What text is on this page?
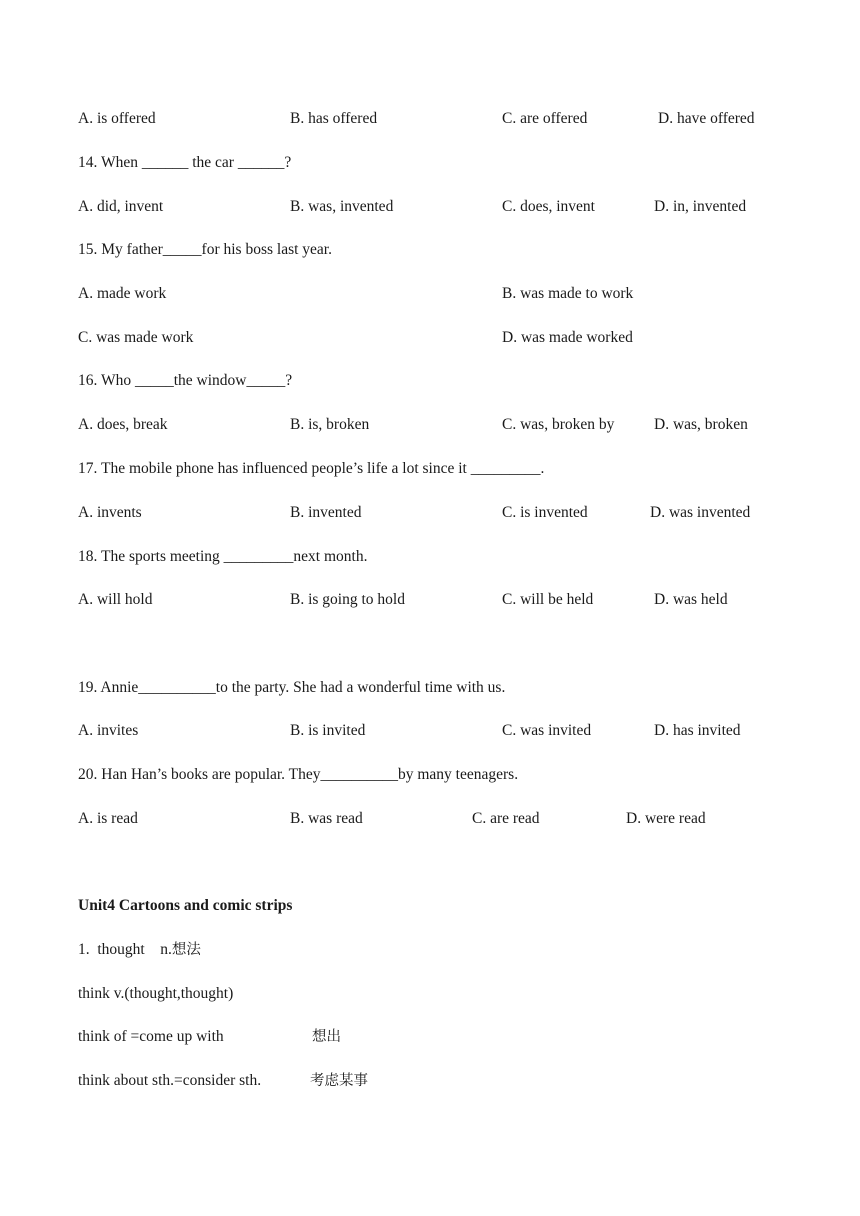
A. is offered	B. has offered	C. are offered	D. have offered
14. When ______ the car ______?
A. did, invent	B. was, invented	C. does, invent	D. in, invented
15. My father_____for his boss last year.
A. made work	B. was made to work
C. was made work	D. was made worked
16. Who _____the window_____?
A. does, break	B. is, broken	C. was, broken by	D. was, broken
17. The mobile phone has influenced people’s life a lot since it _________.
A. invents	B. invented	C. is invented	D. was invented
18. The sports meeting _________next month.
A. will hold	B. is going to hold	C. will be held	D. was held
19. Annie__________to the party. She had a wonderful time with us.
A. invites	B. is invited	C. was invited	D. has invited
20. Han Han’s books are popular. They__________by many teenagers.
A. is read	B. was read	C. are read	D. were read
Unit4 Cartoons and comic strips
1.  thought    n.想法
think v.(thought,thought)
think of =come up with	想出
think about sth.=consider sth.	考虑某事
